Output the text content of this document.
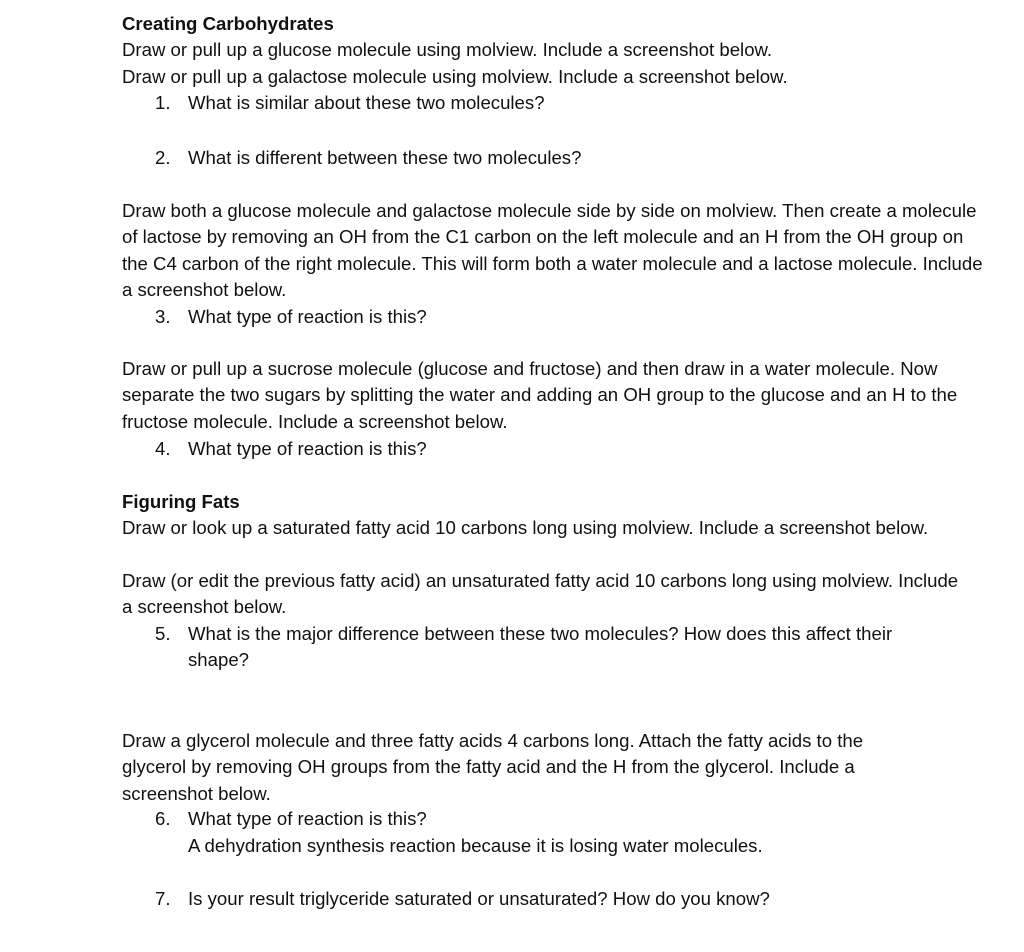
Creating Carbohydrates
Draw or pull up a glucose molecule using molview. Include a screenshot below.
Draw or pull up a galactose molecule using molview. Include a screenshot below.
1. What is similar about these two molecules?
2. What is different between these two molecules?
Draw both a glucose molecule and galactose molecule side by side on molview. Then create a molecule of lactose by removing an OH from the C1 carbon on the left molecule and an H from the OH group on the C4 carbon of the right molecule. This will form both a water molecule and a lactose molecule. Include a screenshot below.
3. What type of reaction is this?
Draw or pull up a sucrose molecule (glucose and fructose) and then draw in a water molecule. Now separate the two sugars by splitting the water and adding an OH group to the glucose and an H to the fructose molecule. Include a screenshot below.
4. What type of reaction is this?
Figuring Fats
Draw or look up a saturated fatty acid 10 carbons long using molview. Include a screenshot below.
Draw (or edit the previous fatty acid) an unsaturated fatty acid 10 carbons long using molview. Include a screenshot below.
5. What is the major difference between these two molecules? How does this affect their shape?
Draw a glycerol molecule and three fatty acids 4 carbons long. Attach the fatty acids to the glycerol by removing OH groups from the fatty acid and the H from the glycerol. Include a screenshot below.
6. What type of reaction is this?
A dehydration synthesis reaction because it is losing water molecules.
7. Is your result triglyceride saturated or unsaturated? How do you know?
